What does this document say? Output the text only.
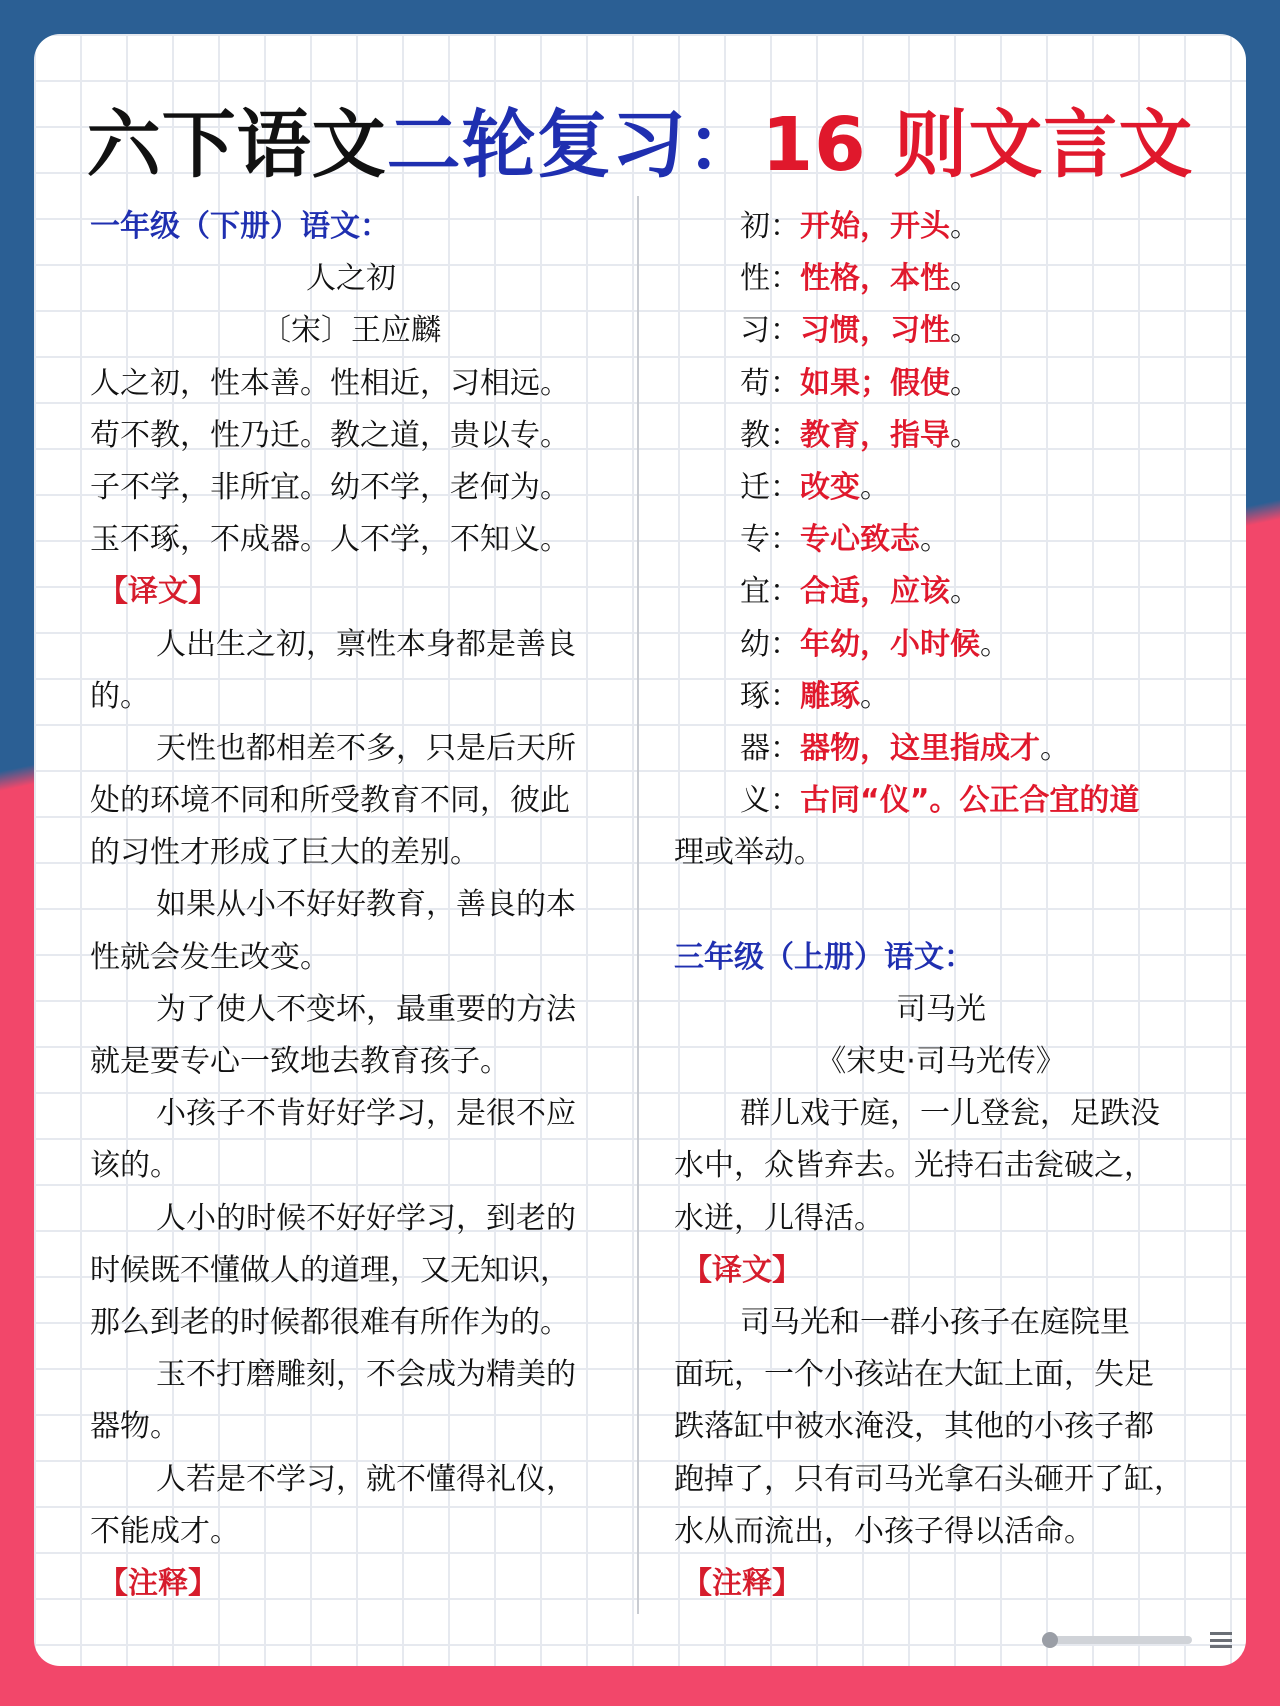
六下语文二轮复习：16 则文言文
一年级（下册）语文：
人之初
〔宋〕王应麟
人之初，性本善。性相近，习相远。
苟不教，性乃迁。教之道，贵以专。
子不学，非所宜。幼不学，老何为。
玉不琢，不成器。人不学，不知义。
【译文】
人出生之初，禀性本身都是善良
的。
天性也都相差不多，只是后天所
处的环境不同和所受教育不同，彼此
的习性才形成了巨大的差别。
如果从小不好好教育，善良的本
性就会发生改变。
为了使人不变坏，最重要的方法
就是要专心一致地去教育孩子。
小孩子不肯好好学习，是很不应
该的。
人小的时候不好好学习，到老的
时候既不懂做人的道理，又无知识，
那么到老的时候都很难有所作为的。
玉不打磨雕刻，不会成为精美的
器物。
人若是不学习，就不懂得礼仪，
不能成才。
【注释】
初：开始，开头。
性：性格，本性。
习：习惯，习性。
苟：如果；假使。
教：教育，指导。
迁：改变。
专：专心致志。
宜：合适，应该。
幼：年幼，小时候。
琢：雕琢。
器：器物，这里指成才。
义：古同“仪”。公正合宜的道
理或举动。
三年级（上册）语文：
司马光
《宋史·司马光传》
群儿戏于庭，一儿登瓮，足跌没
水中，众皆弃去。光持石击瓮破之，
水迸，儿得活。
【译文】
司马光和一群小孩子在庭院里
面玩，一个小孩站在大缸上面，失足
跌落缸中被水淹没，其他的小孩子都
跑掉了，只有司马光拿石头砸开了缸，
水从而流出，小孩子得以活命。
【注释】
